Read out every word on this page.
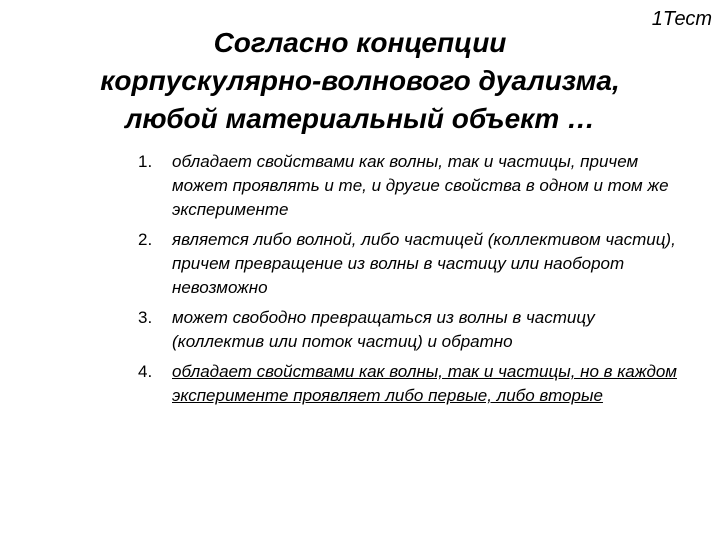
1Тест
Согласно концепции
корпускулярно-волнового дуализма,
любой материальный объект …
1. обладает свойствами как волны, так и частицы, причем может проявлять и те, и другие свойства в одном и том же эксперименте
2. является либо волной, либо частицей (коллективом частиц), причем превращение из волны в частицу или наоборот невозможно
3. может свободно превращаться из волны в частицу (коллектив или поток частиц) и обратно
4. обладает свойствами как волны, так и частицы, но в каждом эксперименте проявляет либо первые, либо вторые
